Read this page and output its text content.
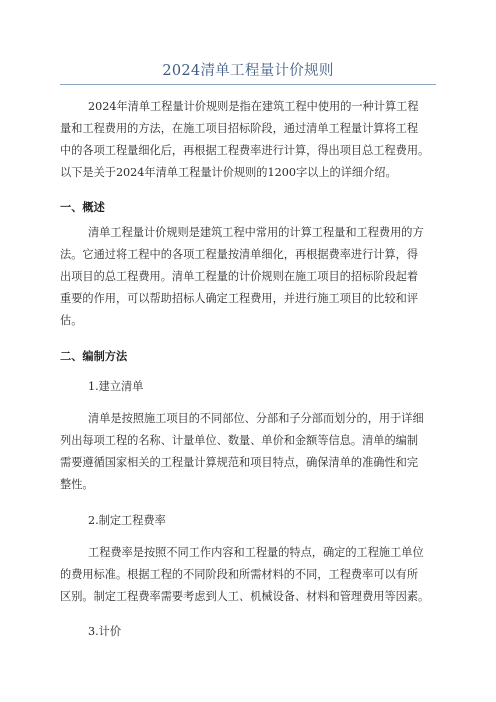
2024清单工程量计价规则
2024年清单工程量计价规则是指在建筑工程中使用的一种计算工程
量和工程费用的方法，在施工项目招标阶段，通过清单工程量计算将工程
中的各项工程量细化后，再根据工程费率进行计算，得出项目总工程费用。
以下是关于2024年清单工程量计价规则的1200字以上的详细介绍。
一、概述
清单工程量计价规则是建筑工程中常用的计算工程量和工程费用的方
法。它通过将工程中的各项工程量按清单细化，再根据费率进行计算，得
出项目的总工程费用。清单工程量的计价规则在施工项目的招标阶段起着
重要的作用，可以帮助招标人确定工程费用，并进行施工项目的比较和评
估。
二、编制方法
1.建立清单
清单是按照施工项目的不同部位、分部和子分部而划分的，用于详细
列出每项工程的名称、计量单位、数量、单价和金额等信息。清单的编制
需要遵循国家相关的工程量计算规范和项目特点，确保清单的准确性和完
整性。
2.制定工程费率
工程费率是按照不同工作内容和工程量的特点，确定的工程施工单位
的费用标准。根据工程的不同阶段和所需材料的不同，工程费率可以有所
区别。制定工程费率需要考虑到人工、机械设备、材料和管理费用等因素。
3.计价
